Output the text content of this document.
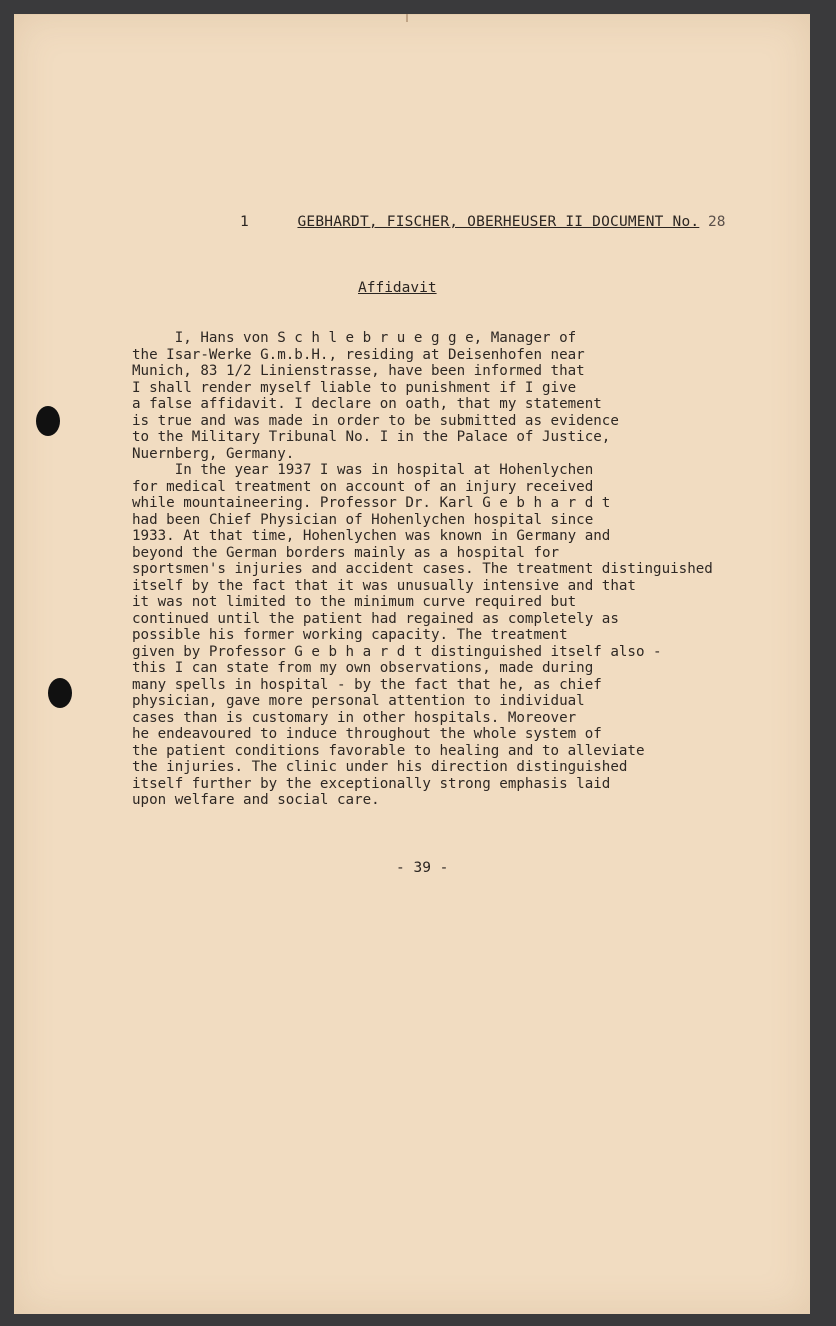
1	GEBHARDT, FISCHER, OBERHEUSER II DOCUMENT No. 28
Affidavit
I, Hans von S c h l e b r u e g g e, Manager of
the Isar-Werke G.m.b.H., residing at Deisenhofen near
Munich, 83 1/2 Linienstrasse, have been informed that
I shall render myself liable to punishment if I give
a false affidavit. I declare on oath, that my statement
is true and was made in order to be submitted as evidence
to the Military Tribunal No. I in the Palace of Justice,
Nuernberg, Germany.
In the year 1937 I was in hospital at Hohenlychen
for medical treatment on account of an injury received
while mountaineering. Professor Dr. Karl G e b h a r d t
had been Chief Physician of Hohenlychen hospital since
1933. At that time, Hohenlychen was known in Germany and
beyond the German borders mainly as a hospital for
sportsmen's injuries and accident cases. The treatment distinguished
itself by the fact that it was unusually intensive and that
it was not limited to the minimum curve required but
continued until the patient had regained as completely as
possible his former working capacity. The treatment
given by Professor G e b h a r d t distinguished itself also -
this I can state from my own observations, made during
many spells in hospital - by the fact that he, as chief
physician, gave more personal attention to individual
cases than is customary in other hospitals. Moreover
he endeavoured to induce throughout the whole system of
the patient conditions favorable to healing and to alleviate
the injuries. The clinic under his direction distinguished
itself further by the exceptionally strong emphasis laid
upon welfare and social care.
- 39 -
